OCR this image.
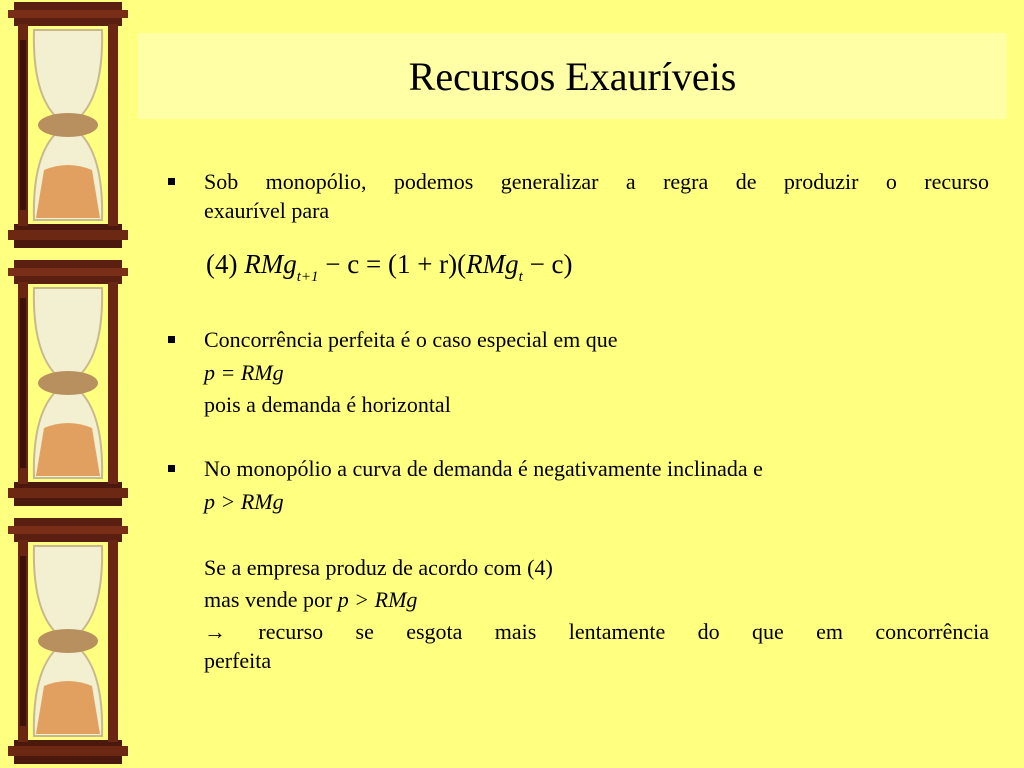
Recursos Exauríveis
Sob monopólio, podemos generalizar a regra de produzir o recurso
exaurível para
(4) RMg$_{t+1}$ − c = (1 + r)(RMg$_t$ − c)
Concorrência perfeita é o caso especial em que
p = RMg
pois a demanda é horizontal
No monopólio a curva de demanda é negativamente inclinada e
p > RMg
Se a empresa produz de acordo com (4)
mas vende por p > RMg
→ recurso se esgota mais lentamente do que em concorrência
perfeita
